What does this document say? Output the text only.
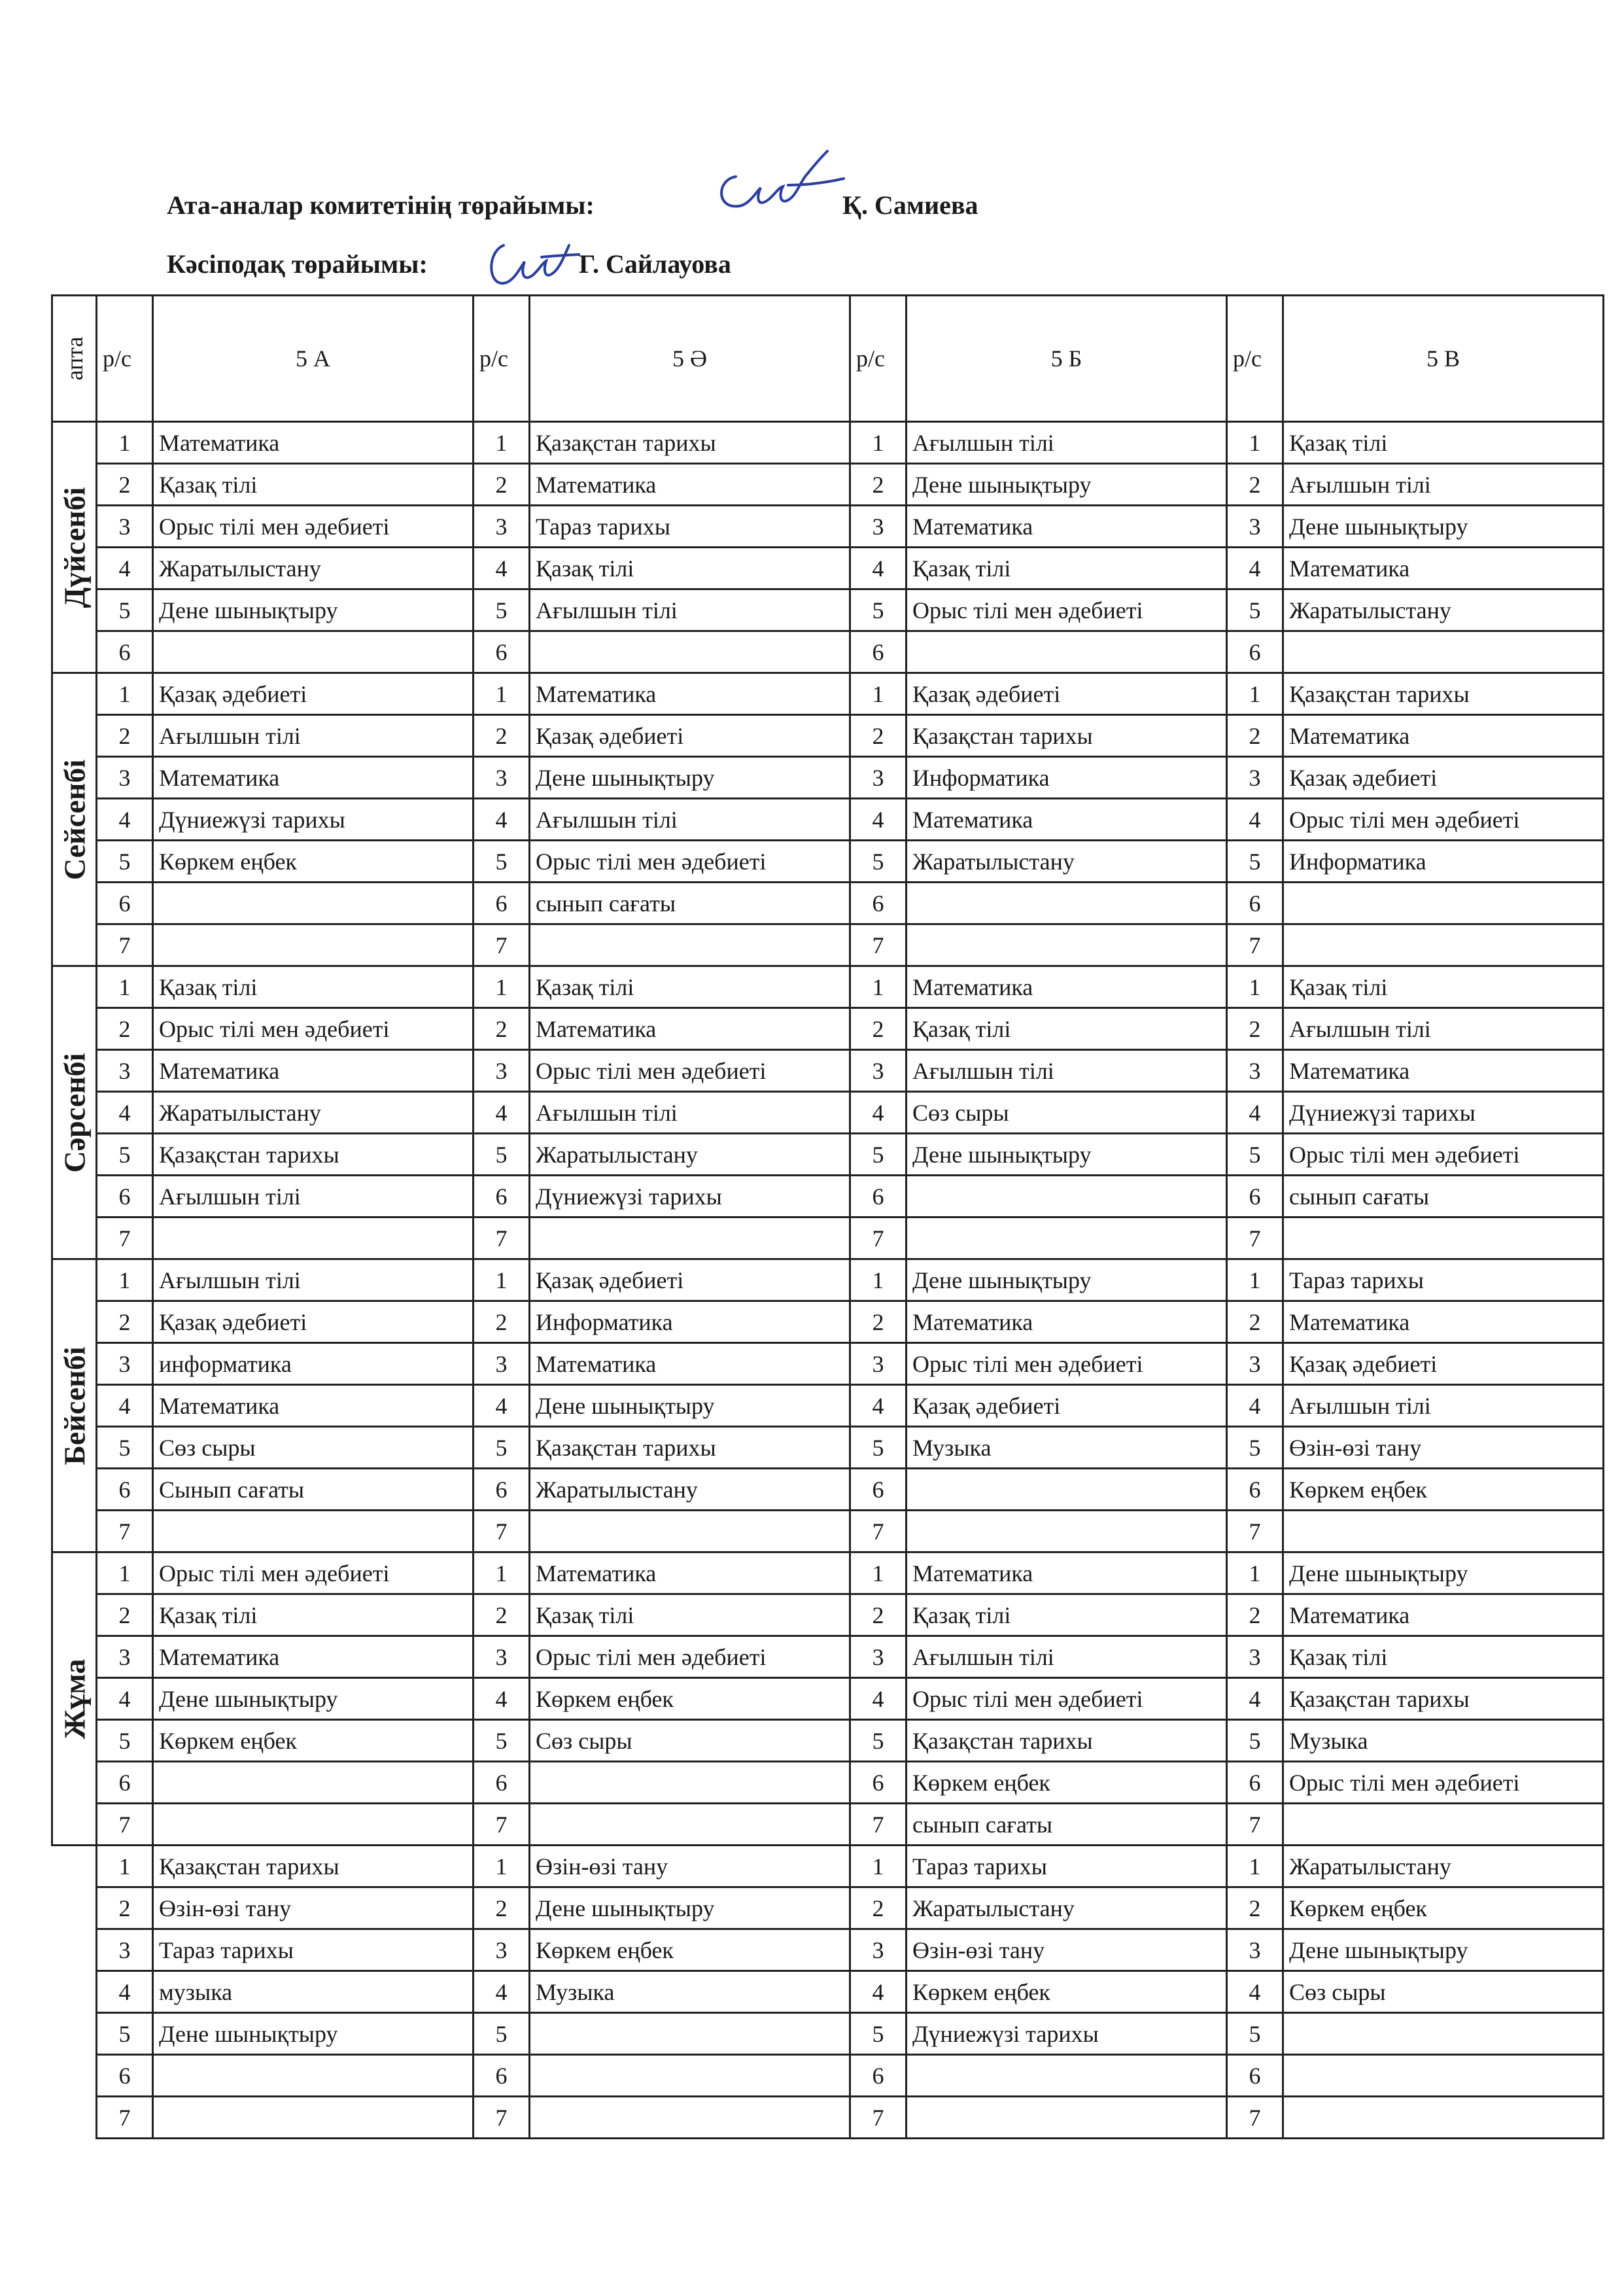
Ата-аналар комитетінің төрайымы:	Қ. Самиева
Кәсіподақ төрайымы:	Г. Сайлауова
апта	р/с	5 А	р/с	5 Ә	р/с	5 Б	р/с	5 В

Дүйсенбі	1	Математика	1	Қазақстан тарихы	1	Ағылшын тілі	1	Қазақ тілі
	2	Қазақ тілі	2	Математика	2	Дене шынықтыру	2	Ағылшын тілі
	3	Орыс тілі мен әдебиеті	3	Тараз тарихы	3	Математика	3	Дене шынықтыру
	4	Жаратылыстану	4	Қазақ тілі	4	Қазақ тілі	4	Математика
	5	Дене шынықтыру	5	Ағылшын тілі	5	Орыс тілі мен әдебиеті	5	Жаратылыстану
	6		6		6		6	

Сейсенбі	1	Қазақ әдебиеті	1	Математика	1	Қазақ әдебиеті	1	Қазақстан тарихы
	2	Ағылшын тілі	2	Қазақ әдебиеті	2	Қазақстан тарихы	2	Математика
	3	Математика	3	Дене шынықтыру	3	Информатика	3	Қазақ әдебиеті
	4	Дүниежүзі тарихы	4	Ағылшын тілі	4	Математика	4	Орыс тілі мен әдебиеті
	5	Көркем еңбек	5	Орыс тілі мен әдебиеті	5	Жаратылыстану	5	Информатика
	6		6	сынып сағаты	6		6	
	7		7		7		7	

Сәрсенбі	1	Қазақ тілі	1	Қазақ тілі	1	Математика	1	Қазақ тілі
	2	Орыс тілі мен әдебиеті	2	Математика	2	Қазақ тілі	2	Ағылшын тілі
	3	Математика	3	Орыс тілі мен әдебиеті	3	Ағылшын тілі	3	Математика
	4	Жаратылыстану	4	Ағылшын тілі	4	Сөз сыры	4	Дүниежүзі тарихы
	5	Қазақстан тарихы	5	Жаратылыстану	5	Дене шынықтыру	5	Орыс тілі мен әдебиеті
	6	Ағылшын тілі	6	Дүниежүзі тарихы	6		6	сынып сағаты
	7		7		7		7	

Бейсенбі	1	Ағылшын тілі	1	Қазақ әдебиеті	1	Дене шынықтыру	1	Тараз тарихы
	2	Қазақ әдебиеті	2	Информатика	2	Математика	2	Математика
	3	информатика	3	Математика	3	Орыс тілі мен әдебиеті	3	Қазақ әдебиеті
	4	Математика	4	Дене шынықтыру	4	Қазақ әдебиеті	4	Ағылшын тілі
	5	Сөз сыры	5	Қазақстан тарихы	5	Музыка	5	Өзін-өзі тану
	6	Сынып сағаты	6	Жаратылыстану	6		6	Көркем еңбек
	7		7		7		7	

Жұма	1	Орыс тілі мен әдебиеті	1	Математика	1	Математика	1	Дене шынықтыру
	2	Қазақ тілі	2	Қазақ тілі	2	Қазақ тілі	2	Математика
	3	Математика	3	Орыс тілі мен әдебиеті	3	Ағылшын тілі	3	Қазақ тілі
	4	Дене шынықтыру	4	Көркем еңбек	4	Орыс тілі мен әдебиеті	4	Қазақстан тарихы
	5	Көркем еңбек	5	Сөз сыры	5	Қазақстан тарихы	5	Музыка
	6		6		6	Көркем еңбек	6	Орыс тілі мен әдебиеті
	7		7		7	сынып сағаты	7	

	1	Қазақстан тарихы	1	Өзін-өзі тану	1	Тараз тарихы	1	Жаратылыстану
	2	Өзін-өзі тану	2	Дене шынықтыру	2	Жаратылыстану	2	Көркем еңбек
	3	Тараз тарихы	3	Көркем еңбек	3	Өзін-өзі тану	3	Дене шынықтыру
	4	музыка	4	Музыка	4	Көркем еңбек	4	Сөз сыры
	5	Дене шынықтыру	5		5	Дүниежүзі тарихы	5	
	6		6		6		6	
	7		7		7		7	
